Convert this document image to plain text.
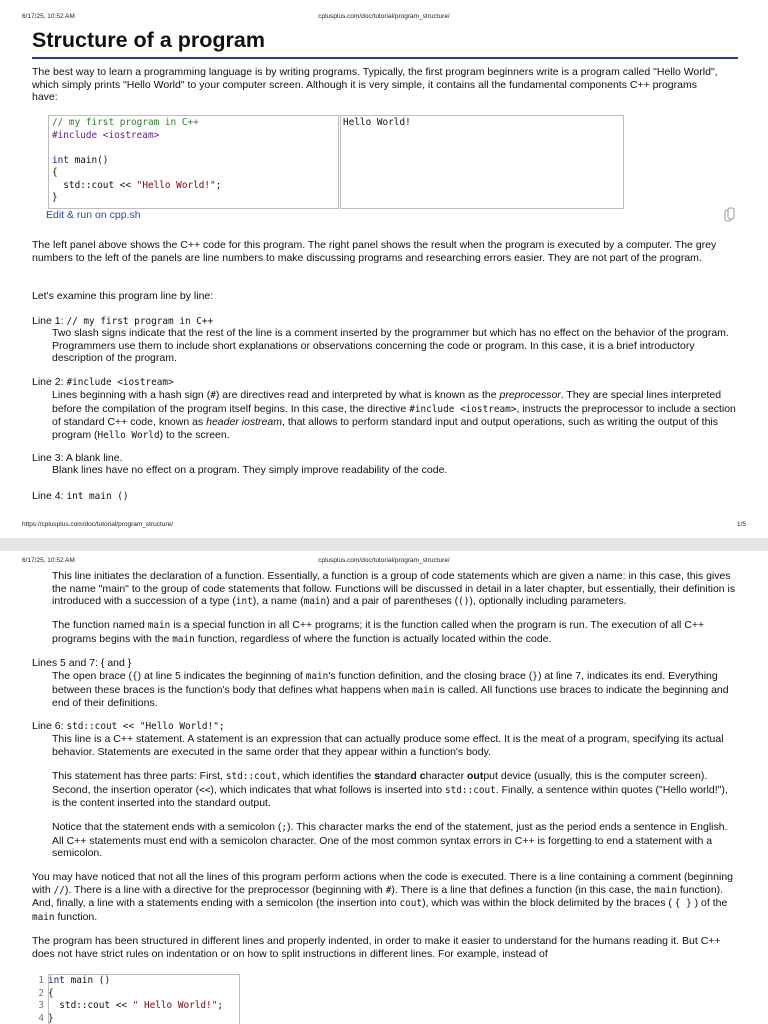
6/17/25, 10:52 AM	cplusplus.com/doc/tutorial/program_structure/
Structure of a program

The best way to learn a programming language is by writing programs. Typically, the first program beginners write is a program called "Hello World", which simply prints "Hello World" to your computer screen. Although it is very simple, it contains all the fundamental components C++ programs have:

// my first program in C++
#include <iostream>

int main()
{
std::cout << "Hello World!";
}
Hello World!
Edit & run on cpp.sh

The left panel above shows the C++ code for this program. The right panel shows the result when the program is executed by a computer. The grey numbers to the left of the panels are line numbers to make discussing programs and researching errors easier. They are not part of the program.

Let's examine this program line by line:

Line 1: // my first program in C++

Two slash signs indicate that the rest of the line is a comment inserted by the programmer but which has no effect on the behavior of the program. Programmers use them to include short explanations or observations concerning the code or program. In this case, it is a brief introductory description of the program.

Line 2: #include <iostream>

Lines beginning with a hash sign (#) are directives read and interpreted by what is known as the preprocessor. They are special lines interpreted before the compilation of the program itself begins. In this case, the directive #include <iostream>, instructs the preprocessor to include a section of standard C++ code, known as header iostream, that allows to perform standard input and output operations, such as writing the output of this program (Hello World) to the screen.

Line 3: A blank line.

Blank lines have no effect on a program. They simply improve readability of the code.

Line 4: int main ()
https://cplusplus.com/doc/tutorial/program_structure/	1/5
6/17/25, 10:52 AM	cplusplus.com/doc/tutorial/program_structure/

This line initiates the declaration of a function. Essentially, a function is a group of code statements which are given a name: in this case, this gives the name "main" to the group of code statements that follow. Functions will be discussed in detail in a later chapter, but essentially, their definition is introduced with a succession of a type (int), a name (main) and a pair of parentheses (()), optionally including parameters.

The function named main is a special function in all C++ programs; it is the function called when the program is run. The execution of all C++ programs begins with the main function, regardless of where the function is actually located within the code.

Lines 5 and 7: { and }

The open brace ({) at line 5 indicates the beginning of main's function definition, and the closing brace (}) at line 7, indicates its end. Everything between these braces is the function's body that defines what happens when main is called. All functions use braces to indicate the beginning and end of their definitions.

Line 6: std::cout << "Hello World!";

This line is a C++ statement. A statement is an expression that can actually produce some effect. It is the meat of a program, specifying its actual behavior. Statements are executed in the same order that they appear within a function's body.

This statement has three parts: First, std::cout, which identifies the standard character output device (usually, this is the computer screen). Second, the insertion operator (<<), which indicates that what follows is inserted into std::cout. Finally, a sentence within quotes ("Hello world!"), is the content inserted into the standard output.

Notice that the statement ends with a semicolon (;). This character marks the end of the statement, just as the period ends a sentence in English. All C++ statements must end with a semicolon character. One of the most common syntax errors in C++ is forgetting to end a statement with a semicolon.

You may have noticed that not all the lines of this program perform actions when the code is executed. There is a line containing a comment (beginning with //). There is a line with a directive for the preprocessor (beginning with #). There is a line that defines a function (in this case, the main function). And, finally, a line with a statements ending with a semicolon (the insertion into cout), which was within the block delimited by the braces ( { } ) of the main function.

The program has been structured in different lines and properly indented, in order to make it easier to understand for the humans reading it. But C++ does not have strict rules on indentation or on how to split instructions in different lines. For example, instead of

1 int main ()
2 {
3  std::cout << " Hello World!";
4 }
